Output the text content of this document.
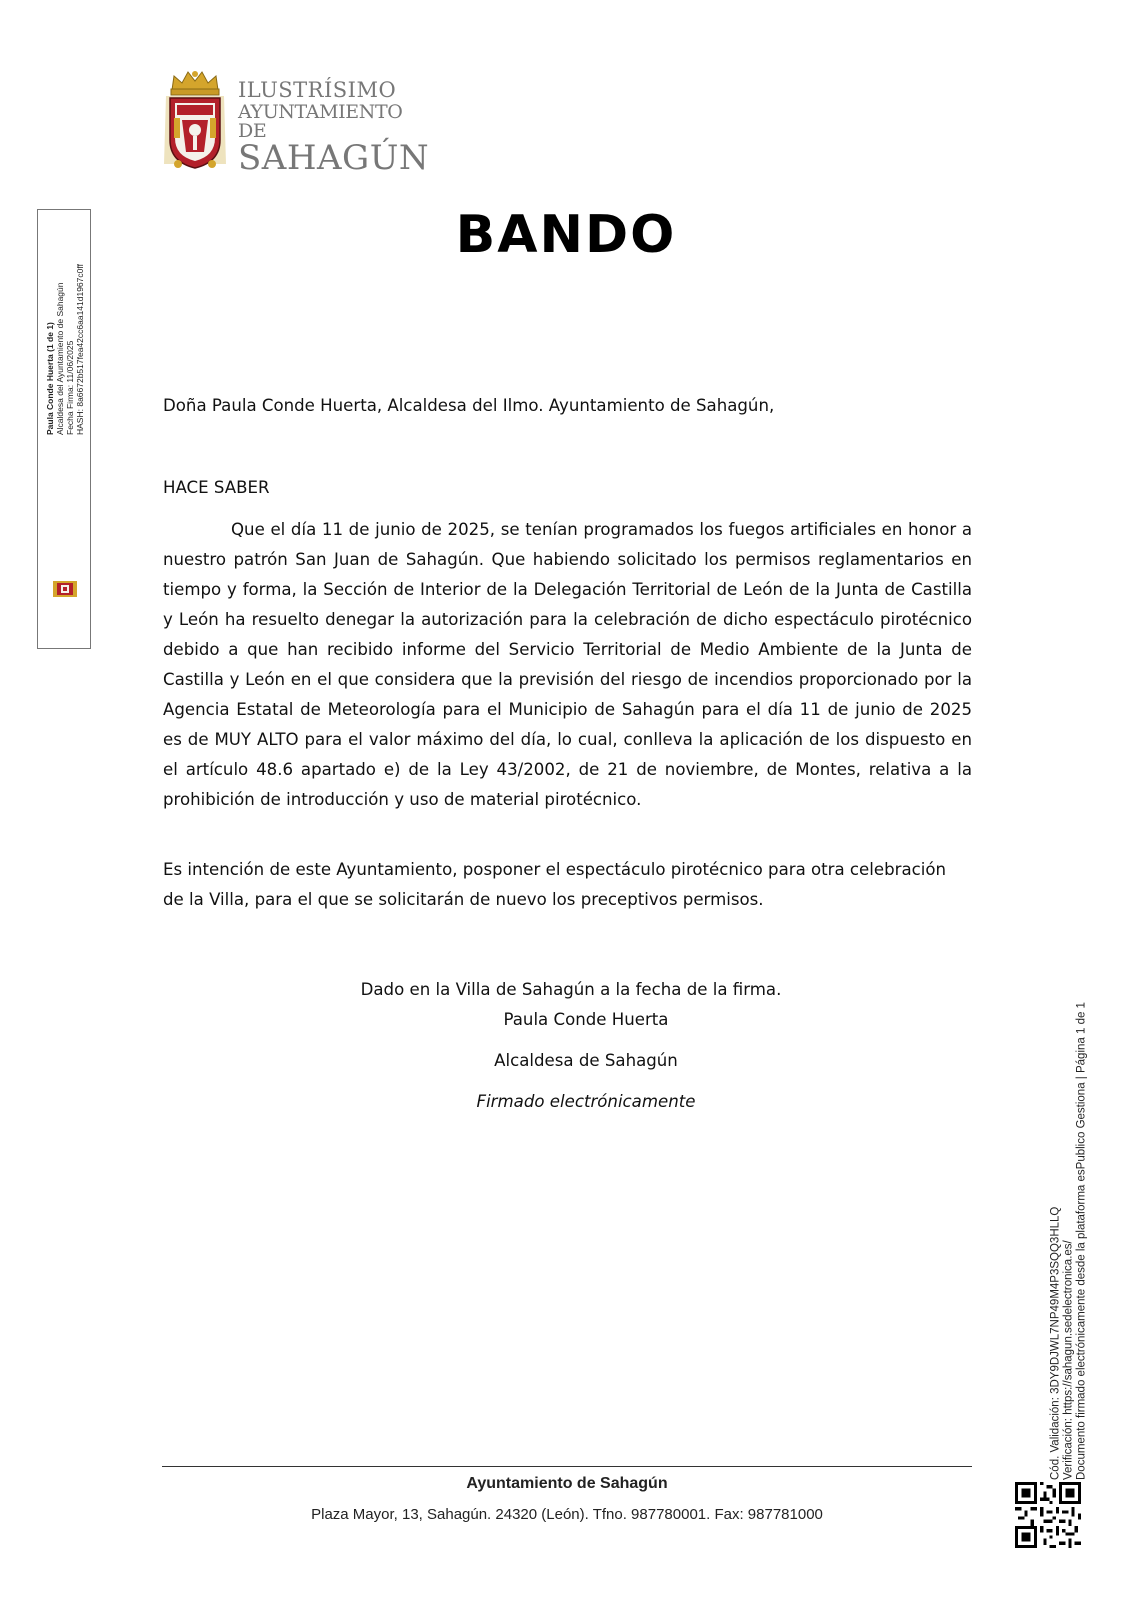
ILUSTRÍSIMO
AYUNTAMIENTO DE
SAHAGÚN
Paula Conde Huerta (1 de 1) Alcaldesa del Ayuntamiento de Sahagún Fecha Firma: 11/06/2025 HASH: 8a6672b517fea42cc6aa141d1967c0ff
BANDO
Doña Paula Conde Huerta, Alcaldesa del Ilmo. Ayuntamiento de Sahagún,
HACE SABER
Que el día 11 de junio de 2025, se tenían programados los fuegos artificiales en honor a nuestro patrón San Juan de Sahagún. Que habiendo solicitado los permisos reglamentarios en tiempo y forma, la Sección de Interior de la Delegación Territorial de León de la Junta de Castilla y León ha resuelto denegar la autorización para la celebración de dicho espectáculo pirotécnico debido a que han recibido informe del Servicio Territorial de Medio Ambiente de la Junta de Castilla y León en el que considera que la previsión del riesgo de incendios proporcionado por la Agencia Estatal de Meteorología para el Municipio de Sahagún para el día 11 de junio de 2025 es de MUY ALTO para el valor máximo del día, lo cual, conlleva la aplicación de los dispuesto en el artículo 48.6 apartado e) de la Ley 43/2002, de 21 de noviembre, de Montes, relativa a la prohibición de introducción y uso de material pirotécnico.
Es intención de este Ayuntamiento, posponer el espectáculo pirotécnico para otra celebración de la Villa, para el que se solicitarán de nuevo los preceptivos permisos.
Dado en la Villa de Sahagún a la fecha de la firma.
Paula Conde Huerta
Alcaldesa de Sahagún
Firmado electrónicamente
Ayuntamiento de Sahagún
Plaza Mayor, 13, Sahagún. 24320 (León). Tfno. 987780001. Fax: 987781000
Cód. Validación: 3DY9DJWL7NP49M4P3SQQ3HLLQ Verificación: https://sahagun.sedelectronica.es/ Documento firmado electrónicamente desde la plataforma esPublico Gestiona | Página 1 de 1
